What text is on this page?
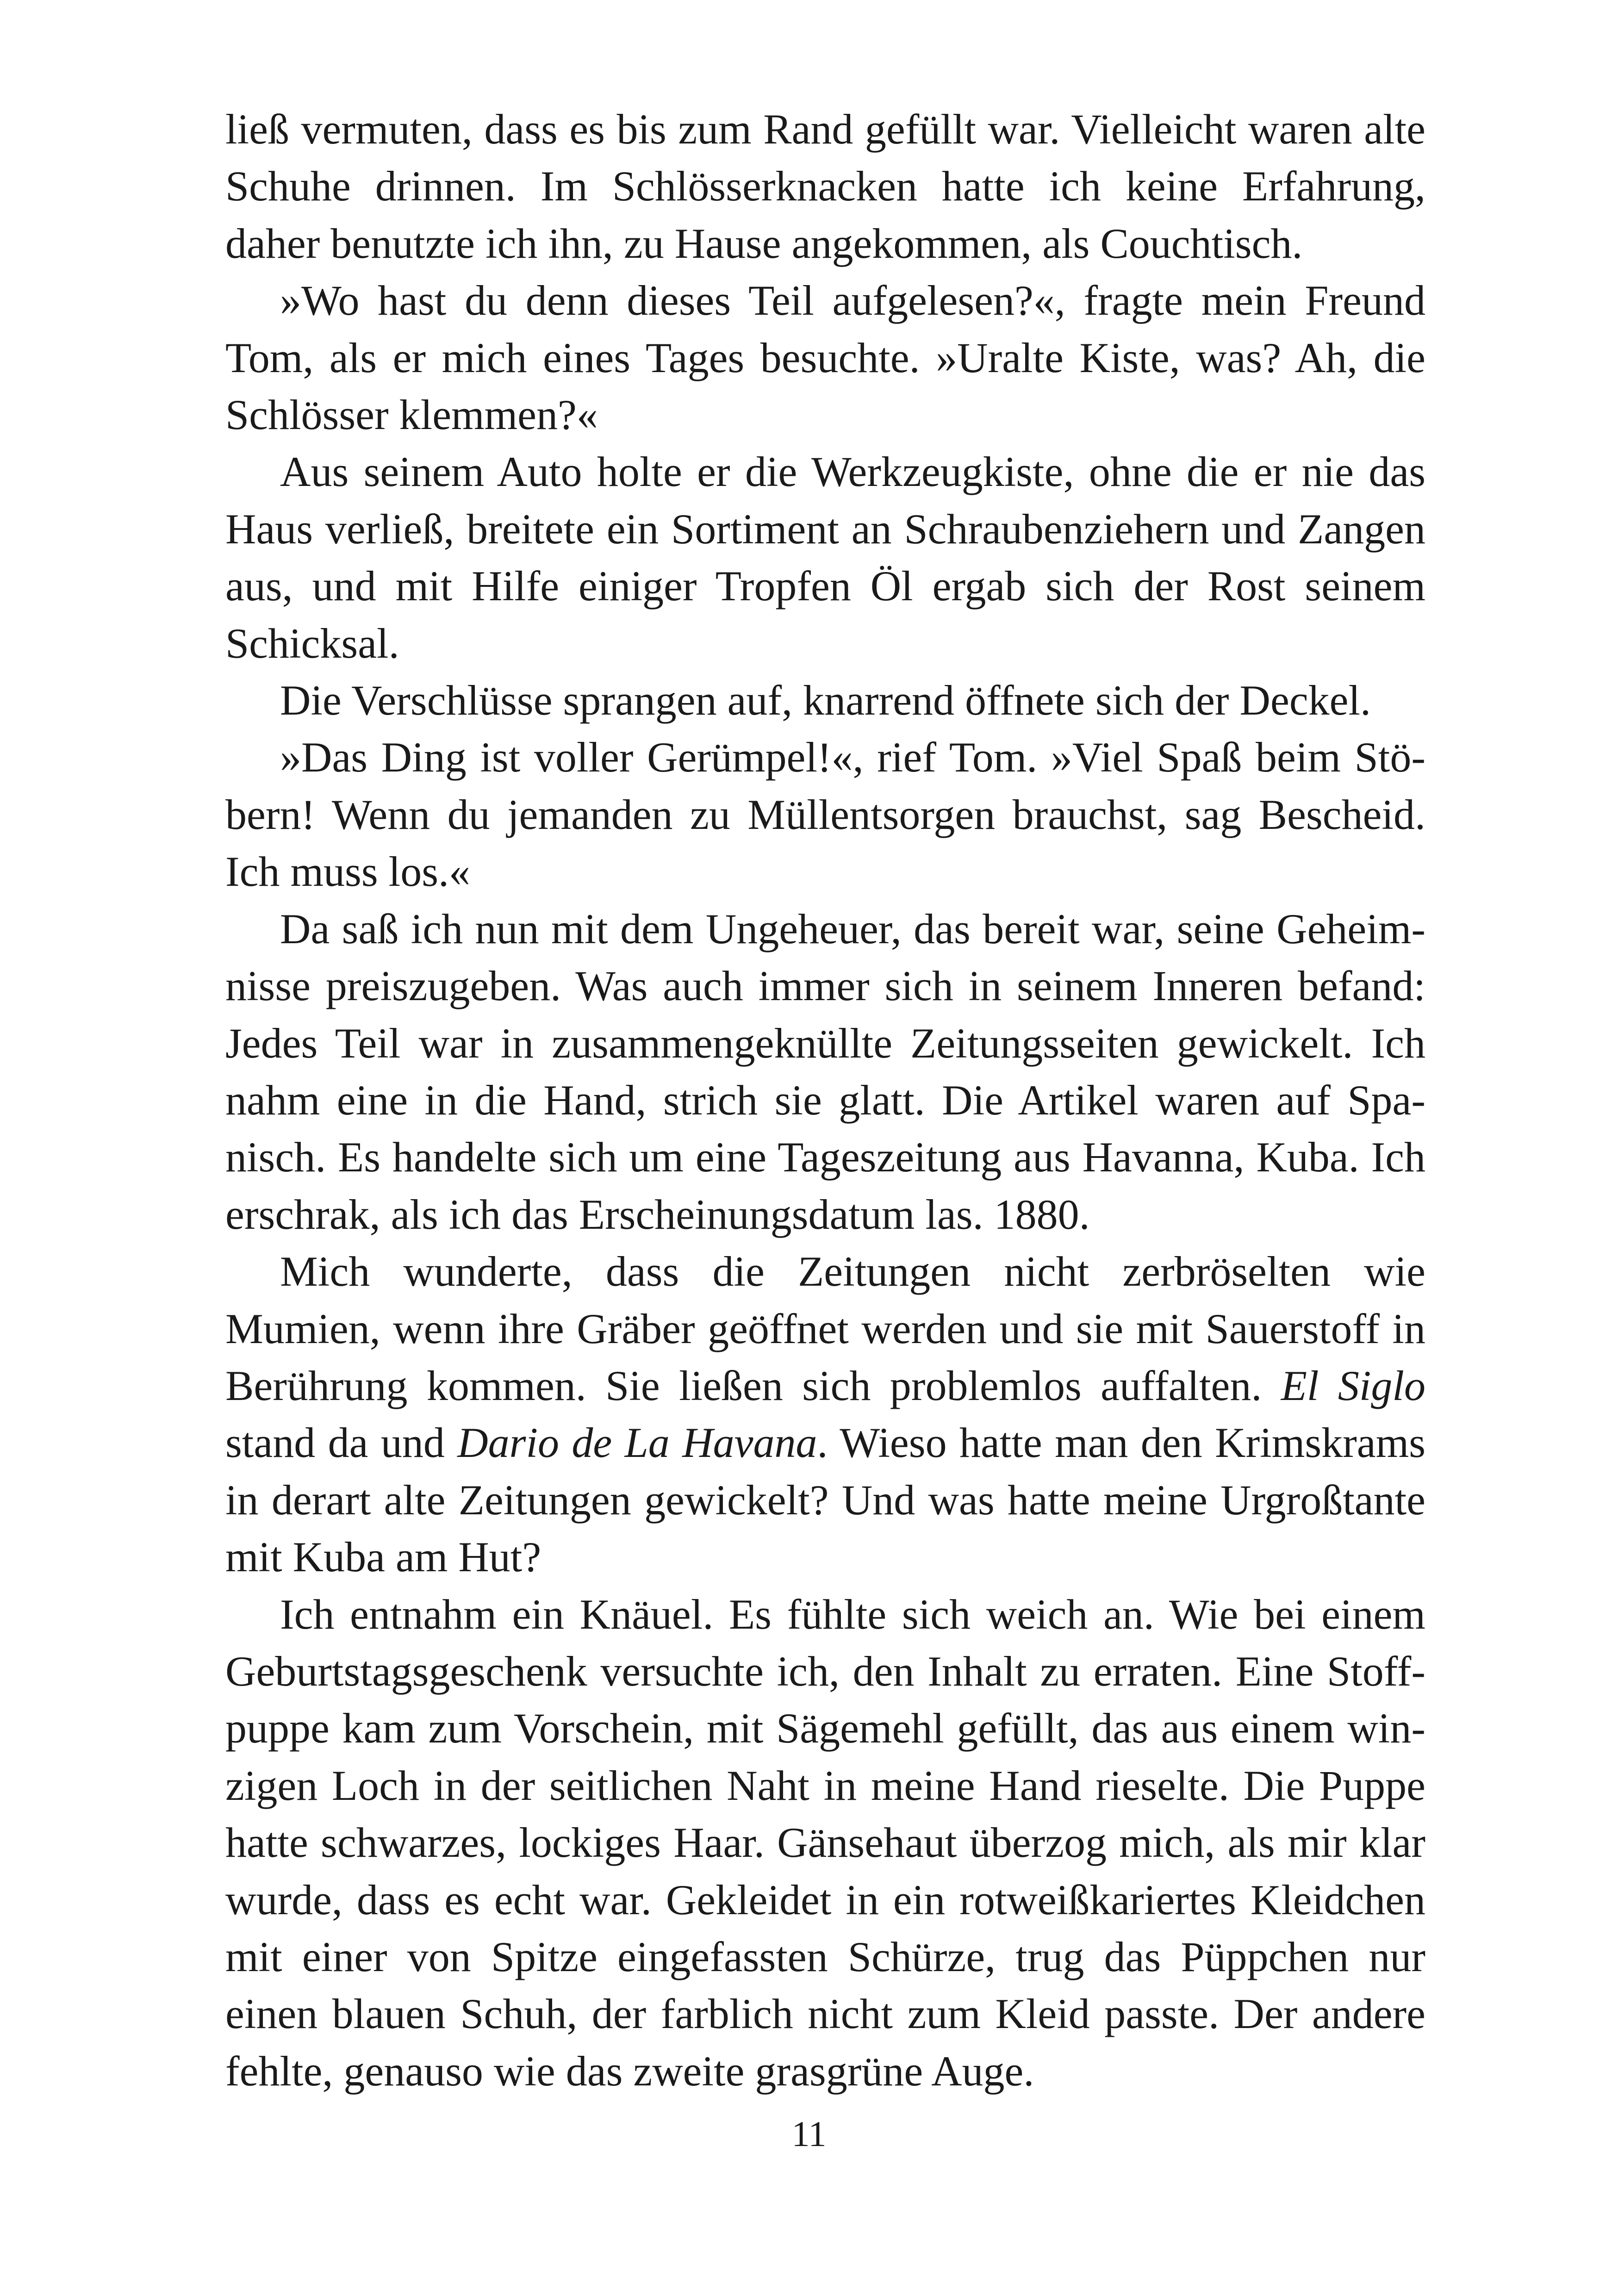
ließ vermuten, dass es bis zum Rand gefüllt war. Vielleicht waren alte Schuhe drinnen. Im Schlösserknacken hatte ich keine Erfahrung, daher benutzte ich ihn, zu Hause angekommen, als Couchtisch.

»Wo hast du denn dieses Teil aufgelesen?«, fragte mein Freund Tom, als er mich eines Tages besuchte. »Uralte Kiste, was? Ah, die Schlösser klemmen?«

Aus seinem Auto holte er die Werkzeugkiste, ohne die er nie das Haus verließ, breitete ein Sortiment an Schraubenziehern und Zangen aus, und mit Hilfe einiger Tropfen Öl ergab sich der Rost seinem Schicksal.

Die Verschlüsse sprangen auf, knarrend öffnete sich der Deckel.

»Das Ding ist voller Gerümpel!«, rief Tom. »Viel Spaß beim Stöbern! Wenn du jemanden zu Müllentsorgen brauchst, sag Bescheid. Ich muss los.«

Da saß ich nun mit dem Ungeheuer, das bereit war, seine Geheimnisse preiszugeben. Was auch immer sich in seinem Inneren befand: Jedes Teil war in zusammengeknüllte Zeitungsseiten gewickelt. Ich nahm eine in die Hand, strich sie glatt. Die Artikel waren auf Spanisch. Es handelte sich um eine Tageszeitung aus Havanna, Kuba. Ich erschrak, als ich das Erscheinungsdatum las. 1880.

Mich wunderte, dass die Zeitungen nicht zerbröselten wie Mumien, wenn ihre Gräber geöffnet werden und sie mit Sauerstoff in Berührung kommen. Sie ließen sich problemlos auffalten. El Siglo stand da und Dario de La Havana. Wieso hatte man den Krimskrams in derart alte Zeitungen gewickelt? Und was hatte meine Urgroßtante mit Kuba am Hut?

Ich entnahm ein Knäuel. Es fühlte sich weich an. Wie bei einem Geburtstagsgeschenk versuchte ich, den Inhalt zu erraten. Eine Stoffpuppe kam zum Vorschein, mit Sägemehl gefüllt, das aus einem winzigen Loch in der seitlichen Naht in meine Hand rieselte. Die Puppe hatte schwarzes, lockiges Haar. Gänsehaut überzog mich, als mir klar wurde, dass es echt war. Gekleidet in ein rotweißkariertes Kleidchen mit einer von Spitze eingefassten Schürze, trug das Püppchen nur einen blauen Schuh, der farblich nicht zum Kleid passte. Der andere fehlte, genauso wie das zweite grasgrüne Auge.

11
